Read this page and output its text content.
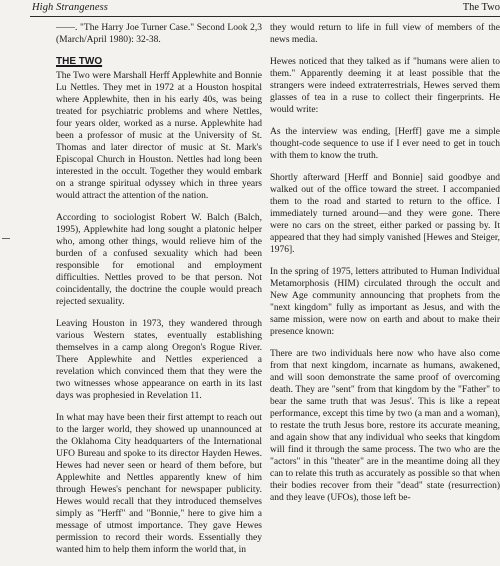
High Strangeness	The Two

——. "The Harry Joe Turner Case." Second Look 2,3 (March/April 1980): 32-38.

THE TWO

The Two were Marshall Herff Applewhite and Bonnie Lu Nettles. They met in 1972 at a Houston hospital where Applewhite, then in his early 40s, was being treated for psychiatric problems and where Nettles, four years older, worked as a nurse. Applewhite had been a professor of music at the University of St. Thomas and later director of music at St. Mark's Episcopal Church in Houston. Nettles had long been interested in the occult. Together they would embark on a strange spiritual odyssey which in three years would attract the attention of the nation.

According to sociologist Robert W. Balch (Balch, 1995), Applewhite had long sought a platonic helper who, among other things, would relieve him of the burden of a confused sexuality which had been responsible for emotional and employment difficulties. Nettles proved to be that person. Not coincidentally, the doctrine the couple would preach rejected sexuality.

Leaving Houston in 1973, they wandered through various Western states, eventually establishing themselves in a camp along Oregon's Rogue River. There Applewhite and Nettles experienced a revelation which convinced them that they were the two witnesses whose appearance on earth in its last days was prophesied in Revelation 11.

In what may have been their first attempt to reach out to the larger world, they showed up unannounced at the Oklahoma City headquarters of the International UFO Bureau and spoke to its director Hayden Hewes. Hewes had never seen or heard of them before, but Applewhite and Nettles apparently knew of him through Hewes's penchant for newspaper publicity. Hewes would recall that they introduced themselves simply as "Herff" and "Bonnie," here to give him a message of utmost importance. They gave Hewes permission to record their words. Essentially they wanted him to help them inform the world that, in

they would return to life in full view of members of the news media.

Hewes noticed that they talked as if "humans were alien to them." Apparently deeming it at least possible that the strangers were indeed extraterrestrials, Hewes served them glasses of tea in a ruse to collect their fingerprints. He would write:

As the interview was ending, [Herff] gave me a simple thought-code sequence to use if I ever need to get in touch with them to know the truth.

Shortly afterward [Herff and Bonnie] said goodbye and walked out of the office toward the street. I accompanied them to the road and started to return to the office. I immediately turned around—and they were gone. There were no cars on the street, either parked or passing by. It appeared that they had simply vanished [Hewes and Steiger, 1976].

In the spring of 1975, letters attributed to Human Individual Metamorphosis (HIM) circulated through the occult and New Age community announcing that prophets from the "next kingdom" fully as important as Jesus, and with the same mission, were now on earth and about to make their presence known:

There are two individuals here now who have also come from that next kingdom, incarnate as humans, awakened, and will soon demonstrate the same proof of overcoming death. They are "sent" from that kingdom by the "Father" to bear the same truth that was Jesus'. This is like a repeat performance, except this time by two (a man and a woman), to restate the truth Jesus bore, restore its accurate meaning, and again show that any individual who seeks that kingdom will find it through the same process. The two who are the "actors" in this "theater" are in the meantime doing all they can to relate this truth as accurately as possible so that when their bodies recover from their "dead" state (resurrection) and they leave (UFOs), those left be-
